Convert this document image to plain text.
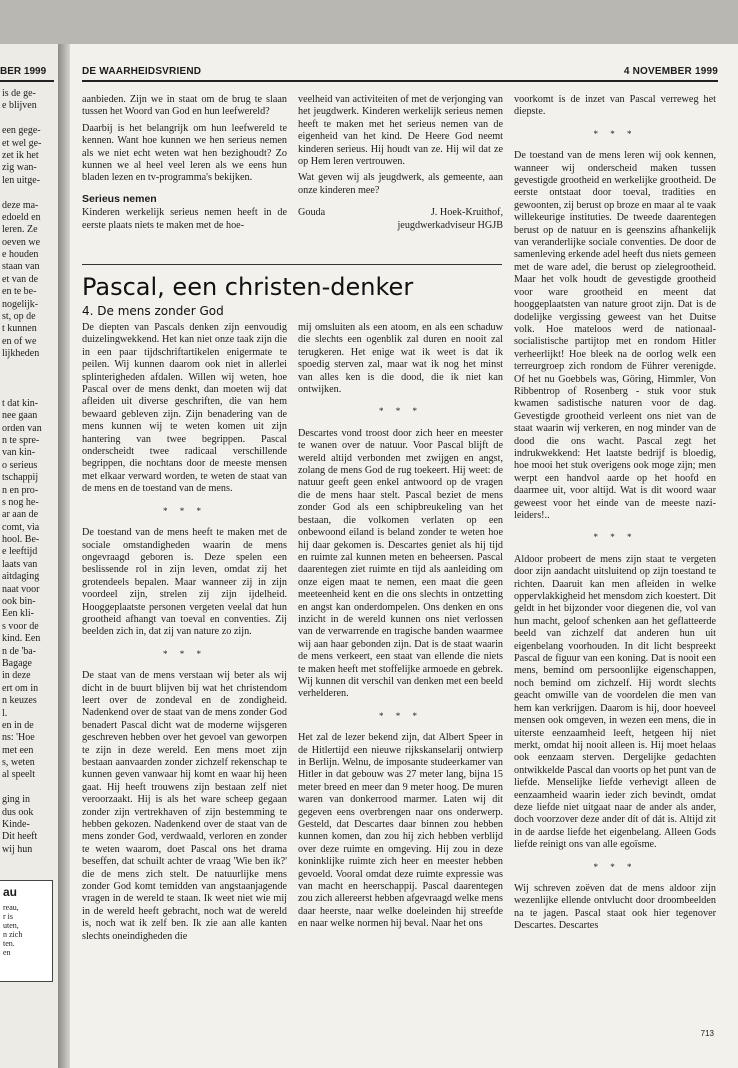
BER 1999
is de ge-
e blijven
een gege-
et wel ge-
zet ik het
zig wan-
len uitge-
deze ma-
edoeld en
leren. Ze
oeven we
e houden
staan van
et van de
en te be-
nogelijk-
st, op de
t kunnen
en of we
lijkheden
t dat kin-
nee gaan
orden van
n te spre-
van kin-
o serieus
tschappij
n en pro-
s nog he-
ar aan de
comt, via
hool. Be-
e leeftijd
laats van
aitdaging
naat voor
ook bin-
Een kli-
s voor de
kind. Een
n de 'ba-
Bagage
in deze
ert om in
n keuzes
l.
en in de
ns: 'Hoe
met een
s, weten
al speelt
ging in
dus ook
Kinde-
Dit heeft
wij hun
au
reau,
r is
uten,
n zich
ten.
en
DE WAARHEIDSVRIEND	4 NOVEMBER 1999

aanbieden. Zijn we in staat om de brug te slaan tussen het Woord van God en hun leefwereld?

Daarbij is het belangrijk om hun leefwereld te kennen. Want hoe kunnen we hen serieus nemen als we niet echt weten wat hen bezighoudt? Zo kunnen we al heel veel leren als we eens hun bladen lezen en tv-programma's bekijken.

Serieus nemen

Kinderen werkelijk serieus nemen heeft in de eerste plaats niets te maken met de hoe-

veelheid van activiteiten of met de verjonging van het jeugdwerk. Kinderen werkelijk serieus nemen heeft te maken met het serieus nemen van de eigenheid van het kind. De Heere God neemt kinderen serieus. Hij houdt van ze. Hij wil dat ze op Hem leren vertrouwen.

Wat geven wij als jeugdwerk, als gemeente, aan onze kinderen mee?

Gouda	J. Hoek-Kruithof,
jeugdwerkadviseur HGJB
Pascal, een christen-denker
4. De mens zonder God

De diepten van Pascals denken zijn eenvoudig duizelingwekkend. Het kan niet onze taak zijn die in een paar tijdschriftartikelen enigermate te peilen. Wij kunnen daarom ook niet in allerlei splinterigheden afdalen. Willen wij weten, hoe Pascal over de mens denkt, dan moeten wij dat afleiden uit diverse geschriften, die van hem bewaard gebleven zijn. Zijn benadering van de mens kunnen wij te weten komen uit zijn hantering van twee begrippen. Pascal onderscheidt twee radicaal verschillende begrippen, die nochtans door de meeste mensen met elkaar verward worden, te weten de staat van de mens en de toestand van de mens.

* * *

De toestand van de mens heeft te maken met de sociale omstandigheden waarin de mens ongevraagd geboren is. Deze spelen een beslissende rol in zijn leven, omdat zij het grotendeels bepalen. Maar wanneer zij in zijn voordeel zijn, strelen zij zijn ijdelheid. Hooggeplaatste personen vergeten veelal dat hun grootheid afhangt van toeval en conventies. Zij beelden zich in, dat zij van nature zo zijn.

* * *

De staat van de mens verstaan wij beter als wij dicht in de buurt blijven bij wat het christendom leert over de zondeval en de zondigheid. Nadenkend over de staat van de mens zonder God benadert Pascal dicht wat de moderne wijsgeren geschreven hebben over het gevoel van geworpen te zijn in deze wereld. Een mens moet zijn bestaan aanvaarden zonder zichzelf rekenschap te kunnen geven vanwaar hij komt en waar hij heen gaat. Hij heeft trouwens zijn bestaan zelf niet veroorzaakt. Hij is als het ware scheep gegaan zonder zijn vertrekhaven of zijn bestemming te hebben gekozen. Nadenkend over de staat van de mens zonder God, verdwaald, verloren en zonder te weten waarom, doet Pascal ons het drama beseffen, dat schuilt achter de vraag 'Wie ben ik?' die de mens zich stelt. De natuurlijke mens zonder God komt temidden van angstaanjagende vragen in de wereld te staan. Ik weet niet wie mij in de wereld heeft gebracht, noch wat de wereld is, noch wat ik zelf ben. Ik zie aan alle kanten slechts oneindigheden die

mij omsluiten als een atoom, en als een schaduw die slechts een ogenblik zal duren en nooit zal terugkeren. Het enige wat ik weet is dat ik spoedig sterven zal, maar wat ik nog het minst van alles ken is die dood, die ik niet kan ontwijken.

* * *

Descartes vond troost door zich heer en meester te wanen over de natuur. Voor Pascal blijft de wereld altijd verbonden met zwijgen en angst, zolang de mens God de rug toekeert. Hij weet: de natuur geeft geen enkel antwoord op de vragen die de mens haar stelt. Pascal beziet de mens zonder God als een schipbreukeling van het bestaan, die volkomen verlaten op een onbewoond eiland is beland zonder te weten hoe hij daar gekomen is. Descartes geniet als hij tijd en ruimte zal kunnen meten en beheersen. Pascal daarentegen ziet ruimte en tijd als aanleiding om onze eigen maat te nemen, een maat die geen meeteenheid kent en die ons slechts in ontzetting en angst kan onderdompelen. Ons denken en ons inzicht in de wereld kunnen ons niet verlossen van de verwarrende en tragische banden waarmee wij aan haar gebonden zijn. Dat is de staat waarin de mens verkeert, een staat van ellende die niets te maken heeft met stoffelijke armoede en gebrek. Wij kunnen dit verschil van denken met een beeld verhelderen.

* * *

Het zal de lezer bekend zijn, dat Albert Speer in de Hitlertijd een nieuwe rijkskanselarij ontwierp in Berlijn. Welnu, de imposante studeerkamer van Hitler in dat gebouw was 27 meter lang, bijna 15 meter breed en meer dan 9 meter hoog. De muren waren van donkerrood marmer. Laten wij dit gegeven eens overbrengen naar ons onderwerp. Gesteld, dat Descartes daar binnen zou hebben kunnen komen, dan zou hij zich hebben verblijd over deze ruimte en omgeving. Hij zou in deze koninklijke ruimte zich heer en meester hebben gevoeld. Vooral omdat deze ruimte expressie was van macht en heerschappij. Pascal daarentegen zou zich allereerst hebben afgevraagd welke mens daar heerste, naar welke doeleinden hij streefde en naar welke normen hij beval. Naar het ons

voorkomt is de inzet van Pascal verreweg het diepste.

* * *

De toestand van de mens leren wij ook kennen, wanneer wij onderscheid maken tussen gevestigde grootheid en werkelijke grootheid. De eerste ontstaat door toeval, tradities en gewoonten, zij berust op broze en maar al te vaak willekeurige instituties. De tweede daarentegen berust op de natuur en is geenszins afhankelijk van veranderlijke sociale conventies. De door de samenleving erkende adel heeft dus niets gemeen met de ware adel, die berust op zielegrootheid. Maar het volk houdt de gevestigde grootheid voor ware grootheid en meent dat hooggeplaatsten van nature groot zijn. Dat is de dodelijke vergissing geweest van het Duitse volk. Hoe mateloos werd de nationaal-socialistische partijtop met en rondom Hitler verheerlijkt! Hoe bleek na de oorlog welk een terreurgroep zich rondom de Führer verenigde. Of het nu Goebbels was, Göring, Himmler, Von Ribbentrop of Rosenberg - stuk voor stuk kwamen sadistische naturen voor de dag. Gevestigde grootheid verleent ons niet van de staat waarin wij verkeren, en nog minder van de dood die ons wacht. Pascal zegt het indrukwekkend: Het laatste bedrijf is bloedig, hoe mooi het stuk overigens ook moge zijn; men werpt een handvol aarde op het hoofd en daarmee uit, voor altijd. Wat is dit woord waar geweest voor het einde van de meeste nazi-leiders!..

* * *

Aldoor probeert de mens zijn staat te vergeten door zijn aandacht uitsluitend op zijn toestand te richten. Daaruit kan men afleiden in welke oppervlakkigheid het mensdom zich koestert. Dit geldt in het bijzonder voor diegenen die, vol van hun macht, geloof schenken aan het geflatteerde beeld van zichzelf dat anderen hun uit eigenbelang voorhouden. In dit licht bespreekt Pascal de figuur van een koning. Dat is nooit een mens, bemind om persoonlijke eigenschappen, noch bemind om zichzelf. Hij wordt slechts geacht omwille van de voordelen die men van hem kan verkrijgen. Daarom is hij, door hoeveel mensen ook omgeven, in wezen een mens, die in uiterste eenzaamheid leeft, hetgeen hij niet merkt, omdat hij nooit alleen is. Hij moet helaas ook eenzaam sterven. Dergelijke gedachten ontwikkelde Pascal dan voorts op het punt van de liefde. Menselijke liefde verhevigt alleen de eenzaamheid waarin ieder zich bevindt, omdat deze liefde niet uitgaat naar de ander als ander, doch voorzover deze ander dít of dát is. Altijd zit in de aardse liefde het eigenbelang. Alleen Gods liefde reinigt ons van alle egoïsme.

* * *

Wij schreven zoëven dat de mens aldoor zijn wezenlijke ellende ontvlucht door droombeelden na te jagen. Pascal staat ook hier tegenover Descartes. Descartes

713
